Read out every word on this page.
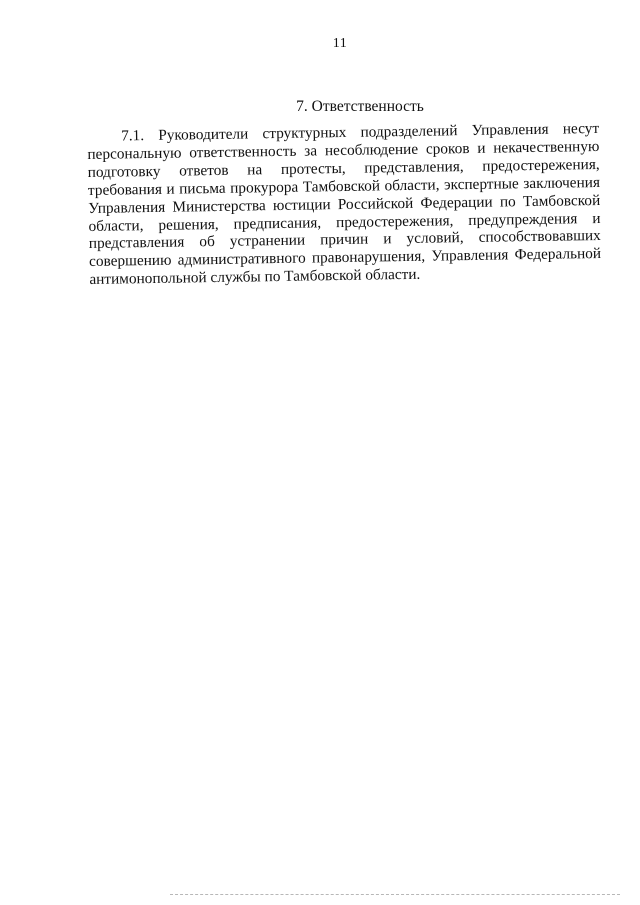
11
7. Ответственность
7.1. Руководители структурных подразделений Управления несут
персональную ответственность за несоблюдение сроков и некачественную
подготовку ответов на протесты, представления, предостережения,
требования и письма прокурора Тамбовской области, экспертные заключения
Управления Министерства юстиции Российской Федерации по Тамбовской
области, решения, предписания, предостережения, предупреждения и
представления об устранении причин и условий, способствовавших
совершению административного правонарушения, Управления Федеральной
антимонопольной службы по Тамбовской области.
